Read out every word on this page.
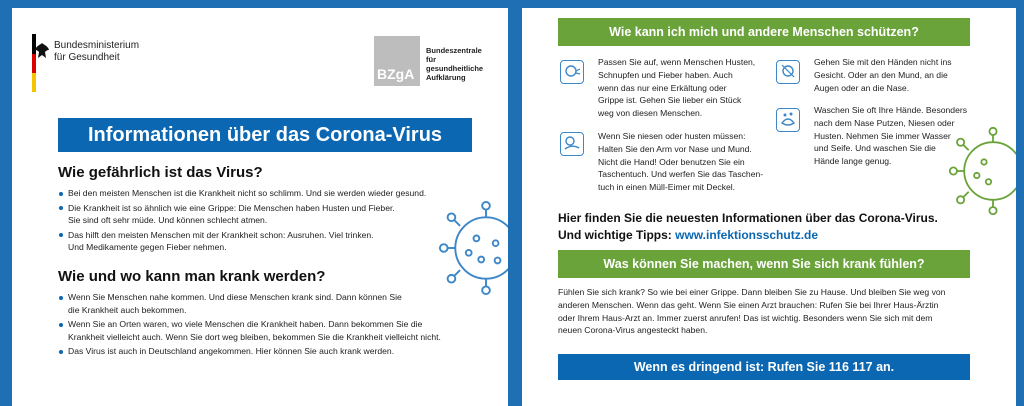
Bundesministerium
für Gesundheit
BZgA
Bundeszentrale
für
gesundheitliche
Aufklärung
Informationen über das Corona-Virus
Wie gefährlich ist das Virus?
Bei den meisten Menschen ist die Krankheit nicht so schlimm. Und sie werden wieder gesund.
Die Krankheit ist so ähnlich wie eine Grippe: Die Menschen haben Husten und Fieber.
Sie sind oft sehr müde. Und können schlecht atmen.
Das hilft den meisten Menschen mit der Krankheit schon: Ausruhen. Viel trinken.
Und Medikamente gegen Fieber nehmen.
Wie und wo kann man krank werden?
Wenn Sie Menschen nahe kommen. Und diese Menschen krank sind. Dann können Sie
die Krankheit auch bekommen.
Wenn Sie an Orten waren, wo viele Menschen die Krankheit haben. Dann bekommen Sie die
Krankheit vielleicht auch. Wenn Sie dort weg bleiben, bekommen Sie die Krankheit vielleicht nicht.
Das Virus ist auch in Deutschland angekommen. Hier können Sie auch krank werden.
Wie kann ich mich und andere Menschen schützen?
Passen Sie auf, wenn Menschen Husten,
Schnupfen und Fieber haben. Auch
wenn das nur eine Erkältung oder
Grippe ist. Gehen Sie lieber ein Stück
weg von diesen Menschen.
Wenn Sie niesen oder husten müssen:
Halten Sie den Arm vor Nase und Mund.
Nicht die Hand! Oder benutzen Sie ein
Taschentuch. Und werfen Sie das Taschen-
tuch in einen Müll-Eimer mit Deckel.
Gehen Sie mit den Händen nicht ins
Gesicht. Oder an den Mund, an die
Augen oder an die Nase.
Waschen Sie oft Ihre Hände. Besonders
nach dem Nase Putzen, Niesen oder
Husten. Nehmen Sie immer Wasser
und Seife. Und waschen Sie die
Hände lange genug.
Hier finden Sie die neuesten Informationen über das Corona-Virus.
Und wichtige Tipps: www.infektionsschutz.de
Was können Sie machen, wenn Sie sich krank fühlen?
Fühlen Sie sich krank? So wie bei einer Grippe. Dann bleiben Sie zu Hause. Und bleiben Sie weg von
anderen Menschen. Wenn das geht. Wenn Sie einen Arzt brauchen: Rufen Sie bei Ihrer Haus-Ärztin
oder Ihrem Haus-Arzt an. Immer zuerst anrufen! Das ist wichtig. Besonders wenn Sie sich mit dem
neuen Corona-Virus angesteckt haben.
Wenn es dringend ist: Rufen Sie 116 117 an.
